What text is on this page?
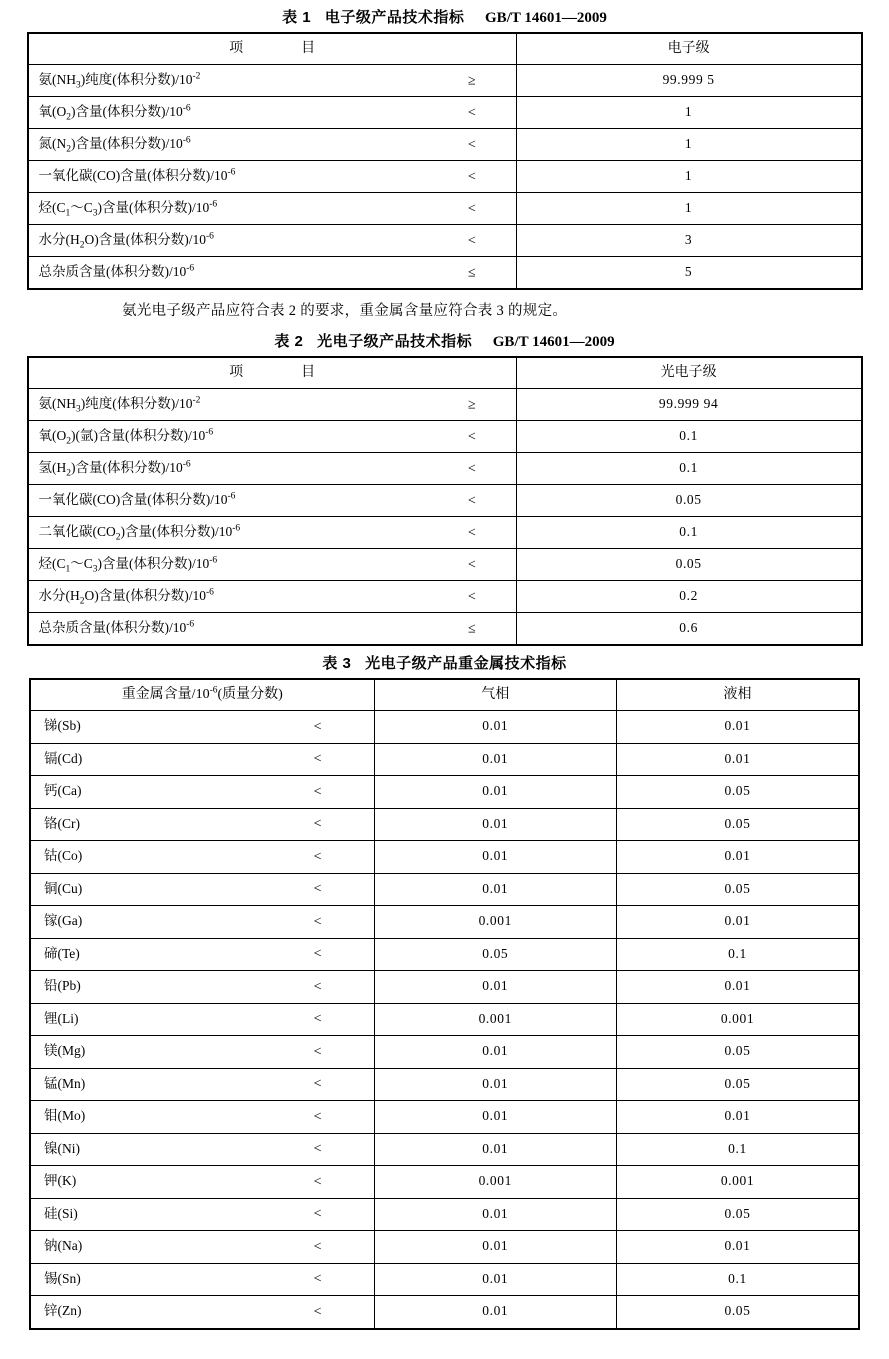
表 1 电子级产品技术指标 GB/T 14601—2009
项　　目	电子级
氨$(NH_3)$纯度(体积分数)$/10^{-2}$ ≥	99.999 5
氧$(O_2)$含量(体积分数)$/10^{-6}$ <	1
氮$(N_2)$含量(体积分数)$/10^{-6}$ <	1
一氧化碳(CO)含量(体积分数)$/10^{-6}$ <	1
烃$(C_1\sim C_3)$含量(体积分数)$/10^{-6}$ <	1
水分$(H_2O)$含量(体积分数)$/10^{-6}$ <	3
总杂质含量(体积分数)$/10^{-6}$ ≤	5
氨光电子级产品应符合表 2 的要求，重金属含量应符合表 3 的规定。
表 2 光电子级产品技术指标 GB/T 14601—2009
项　　目	光电子级
氨$(NH_3)$纯度(体积分数)$/10^{-2}$ ≥	99.999 94
氧$(O_2)$(氩)含量(体积分数)$/10^{-6}$ <	0.1
氢$(H_2)$含量(体积分数)$/10^{-6}$ <	0.1
一氧化碳(CO)含量(体积分数)$/10^{-6}$ <	0.05
二氧化碳$(CO_2)$含量(体积分数)$/10^{-6}$ <	0.1
烃$(C_1\sim C_3)$含量(体积分数)$/10^{-6}$ <	0.05
水分$(H_2O)$含量(体积分数)$/10^{-6}$ <	0.2
总杂质含量(体积分数)$/10^{-6}$ ≤	0.6
表 3 光电子级产品重金属技术指标
重金属含量$/10^{-6}$(质量分数)	气相	液相
锑(Sb) <	0.01	0.01
镉(Cd) <	0.01	0.01
钙(Ca) <	0.01	0.05
铬(Cr) <	0.01	0.05
钴(Co) <	0.01	0.01
铜(Cu) <	0.01	0.05
镓(Ga) <	0.001	0.01
碲(Te) <	0.05	0.1
铅(Pb) <	0.01	0.01
锂(Li) <	0.001	0.001
镁(Mg) <	0.01	0.05
锰(Mn) <	0.01	0.05
钼(Mo) <	0.01	0.01
镍(Ni) <	0.01	0.1
钾(K) <	0.001	0.001
硅(Si) <	0.01	0.05
钠(Na) <	0.01	0.01
锡(Sn) <	0.01	0.1
锌(Zn) <	0.01	0.05
